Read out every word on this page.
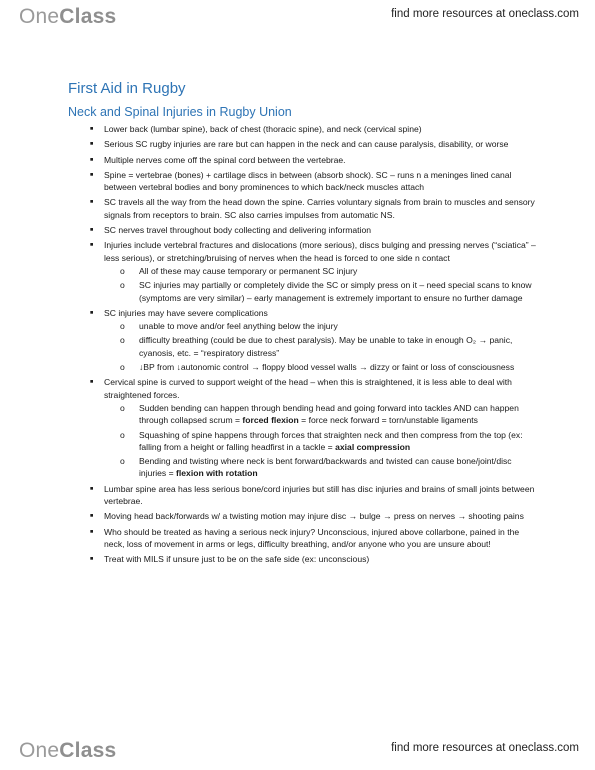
OneClass	find more resources at oneclass.com
First Aid in Rugby
Neck and Spinal Injuries in Rugby Union
■ Lower back (lumbar spine), back of chest (thoracic spine), and neck (cervical spine)
■ Serious SC rugby injuries are rare but can happen in the neck and can cause paralysis, disability, or worse
■ Multiple nerves come off the spinal cord between the vertebrae.
■ Spine = vertebrae (bones) + cartilage discs in between (absorb shock). SC – runs n a meninges lined canal between vertebral bodies and bony prominences to which back/neck muscles attach
■ SC travels all the way from the head down the spine. Carries voluntary signals from brain to muscles and sensory signals from receptors to brain. SC also carries impulses from automatic NS.
■ SC nerves travel throughout body collecting and delivering information
■ Injuries include vertebral fractures and dislocations (more serious), discs bulging and pressing nerves (“sciatica” – less serious), or stretching/bruising of nerves when the head is forced to one side n contact
o All of these may cause temporary or permanent SC injury
o SC injuries may partially or completely divide the SC or simply press on it – need special scans to know (symptoms are very similar) – early management is extremely important to ensure no further damage
■ SC injuries may have severe complications
o unable to move and/or feel anything below the injury
o difficulty breathing (could be due to chest paralysis). May be unable to take in enough O₂ → panic, cyanosis, etc. = “respiratory distress”
o ↓BP from ↓autonomic control → floppy blood vessel walls → dizzy or faint or loss of consciousness
■ Cervical spine is curved to support weight of the head – when this is straightened, it is less able to deal with straightened forces.
o Sudden bending can happen through bending head and going forward into tackles AND can happen through collapsed scrum = forced flexion = force neck forward = torn/unstable ligaments
o Squashing of spine happens through forces that straighten neck and then compress from the top (ex: falling from a height or falling headfirst in a tackle = axial compression
o Bending and twisting where neck is bent forward/backwards and twisted can cause bone/joint/disc injuries = flexion with rotation
■ Lumbar spine area has less serious bone/cord injuries but still has disc injuries and brains of small joints between vertebrae.
■ Moving head back/forwards w/ a twisting motion may injure disc → bulge → press on nerves → shooting pains
■ Who should be treated as having a serious neck injury? Unconscious, injured above collarbone, pained in the neck, loss of movement in arms or legs, difficulty breathing, and/or anyone who you are unsure about!
■ Treat with MILS if unsure just to be on the safe side (ex: unconscious)
OneClass	find more resources at oneclass.com
